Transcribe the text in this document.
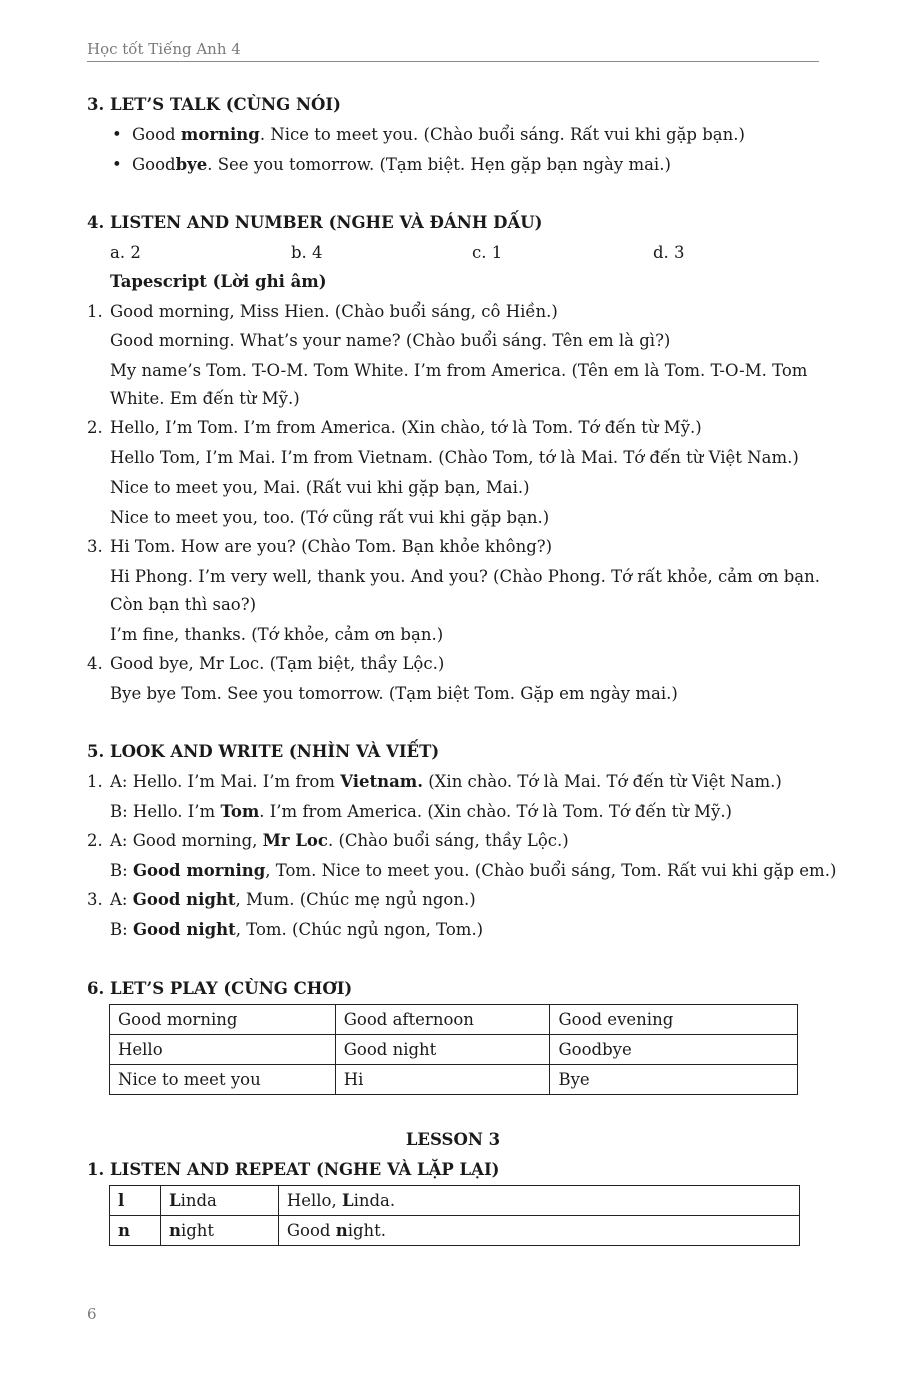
Học tốt Tiếng Anh 4
3. LET’S TALK (CÙNG NÓI)
• Good morning. Nice to meet you. (Chào buổi sáng. Rất vui khi gặp bạn.)
• Goodbye. See you tomorrow. (Tạm biệt. Hẹn gặp bạn ngày mai.)
4. LISTEN AND NUMBER (NGHE VÀ ĐÁNH DẤU)
a. 2	b. 4	c. 1	d. 3
Tapescript (Lời ghi âm)
1. Good morning, Miss Hien. (Chào buổi sáng, cô Hiền.)
Good morning. What’s your name? (Chào buổi sáng. Tên em là gì?)
My name’s Tom. T-O-M. Tom White. I’m from America. (Tên em là Tom. T-O-M. Tom
White. Em đến từ Mỹ.)
2. Hello, I’m Tom. I’m from America. (Xin chào, tớ là Tom. Tớ đến từ Mỹ.)
Hello Tom, I’m Mai. I’m from Vietnam. (Chào Tom, tớ là Mai. Tớ đến từ Việt Nam.)
Nice to meet you, Mai. (Rất vui khi gặp bạn, Mai.)
Nice to meet you, too. (Tớ cũng rất vui khi gặp bạn.)
3. Hi Tom. How are you? (Chào Tom. Bạn khỏe không?)
Hi Phong. I’m very well, thank you. And you? (Chào Phong. Tớ rất khỏe, cảm ơn bạn.
Còn bạn thì sao?)
I’m fine, thanks. (Tớ khỏe, cảm ơn bạn.)
4. Good bye, Mr Loc. (Tạm biệt, thầy Lộc.)
Bye bye Tom. See you tomorrow. (Tạm biệt Tom. Gặp em ngày mai.)
5. LOOK AND WRITE (NHÌN VÀ VIẾT)
1. A: Hello. I’m Mai. I’m from Vietnam. (Xin chào. Tớ là Mai. Tớ đến từ Việt Nam.)
B: Hello. I’m Tom. I’m from America. (Xin chào. Tớ là Tom. Tớ đến từ Mỹ.)
2. A: Good morning, Mr Loc. (Chào buổi sáng, thầy Lộc.)
B: Good morning, Tom. Nice to meet you. (Chào buổi sáng, Tom. Rất vui khi gặp em.)
3. A: Good night, Mum. (Chúc mẹ ngủ ngon.)
B: Good night, Tom. (Chúc ngủ ngon, Tom.)
6. LET’S PLAY (CÙNG CHƠI)
Good morning	Good afternoon	Good evening
Hello	Good night	Goodbye
Nice to meet you	Hi	Bye
LESSON 3
1. LISTEN AND REPEAT (NGHE VÀ LẶP LẠI)
l	Linda	Hello, Linda.
n	night	Good night.
6
